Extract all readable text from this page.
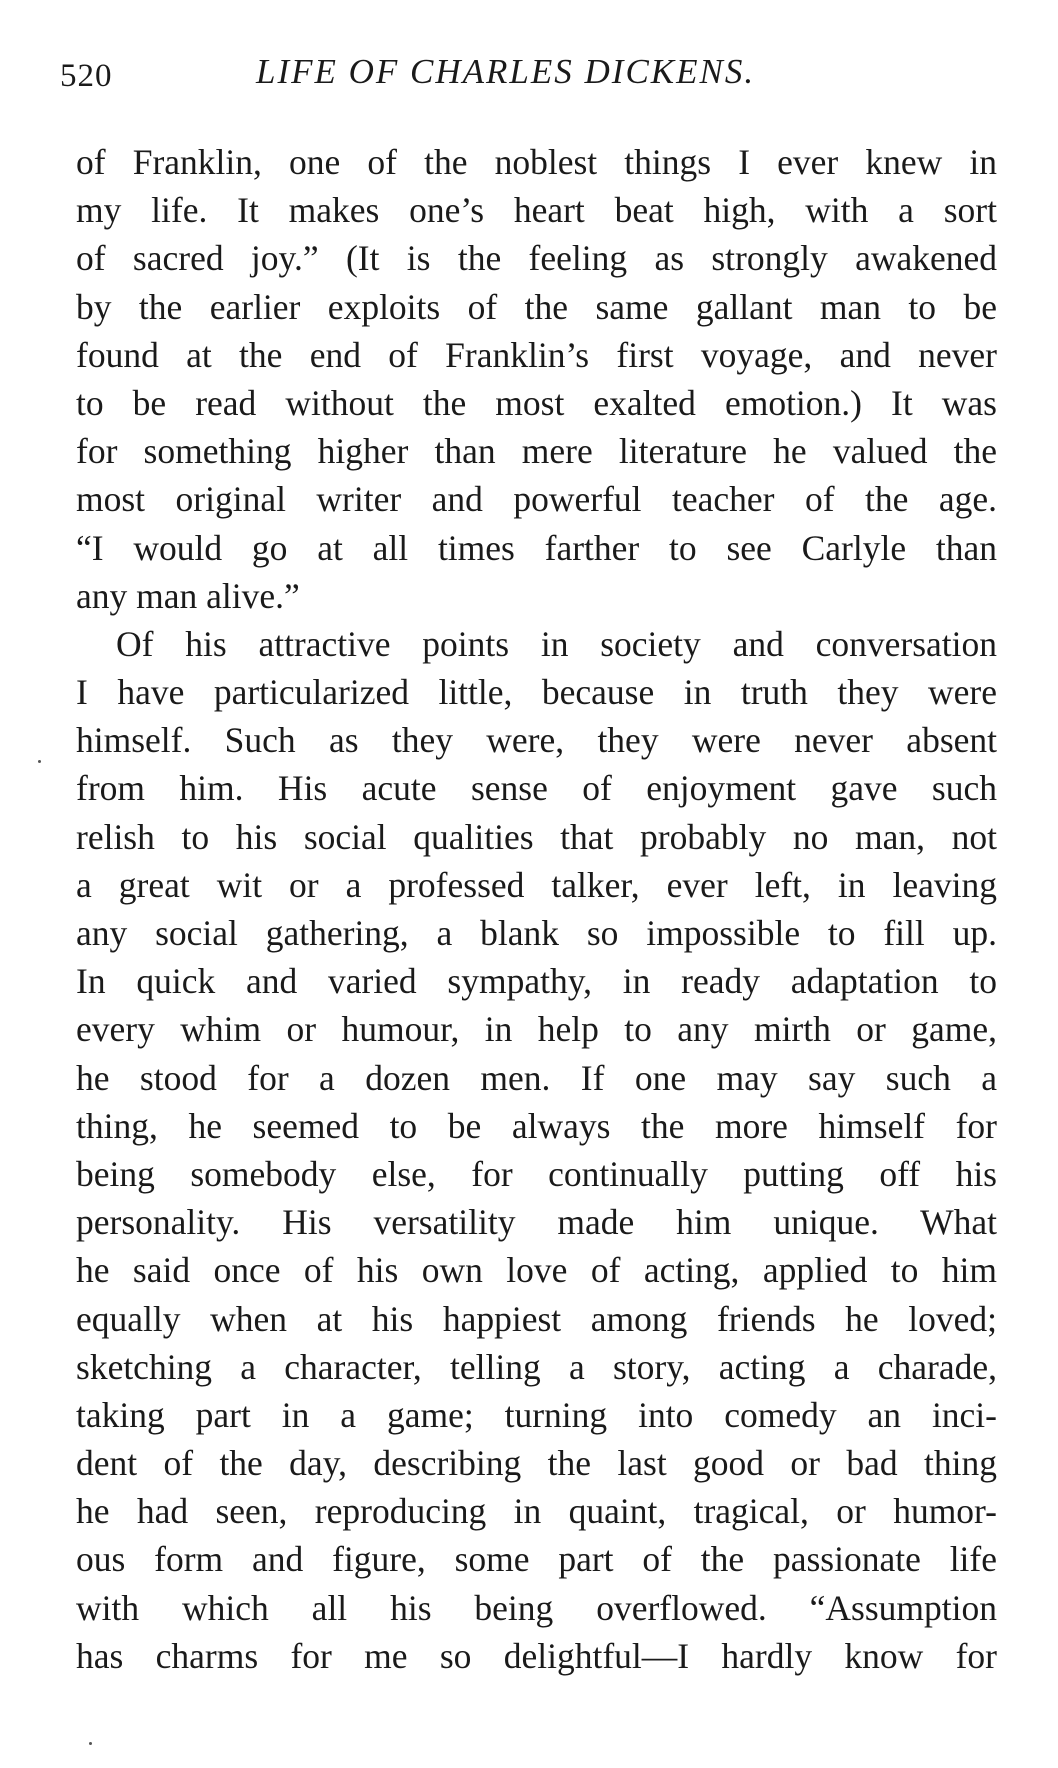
520	LIFE OF CHARLES DICKENS.
of Franklin, one of the noblest things I ever knew in
my life. It makes one’s heart beat high, with a sort
of sacred joy.” (It is the feeling as strongly awakened
by the earlier exploits of the same gallant man to be
found at the end of Franklin’s first voyage, and never
to be read without the most exalted emotion.) It was
for something higher than mere literature he valued the
most original writer and powerful teacher of the age.
“I would go at all times farther to see Carlyle than
any man alive.”
Of his attractive points in society and conversation
I have particularized little, because in truth they were
himself. Such as they were, they were never absent
from him. His acute sense of enjoyment gave such
relish to his social qualities that probably no man, not
a great wit or a professed talker, ever left, in leaving
any social gathering, a blank so impossible to fill up.
In quick and varied sympathy, in ready adaptation to
every whim or humour, in help to any mirth or game,
he stood for a dozen men. If one may say such a
thing, he seemed to be always the more himself for
being somebody else, for continually putting off his
personality. His versatility made him unique. What
he said once of his own love of acting, applied to him
equally when at his happiest among friends he loved;
sketching a character, telling a story, acting a charade,
taking part in a game; turning into comedy an inci-
dent of the day, describing the last good or bad thing
he had seen, reproducing in quaint, tragical, or humor-
ous form and figure, some part of the passionate life
with which all his being overflowed. “Assumption
has charms for me so delightful—I hardly know for
